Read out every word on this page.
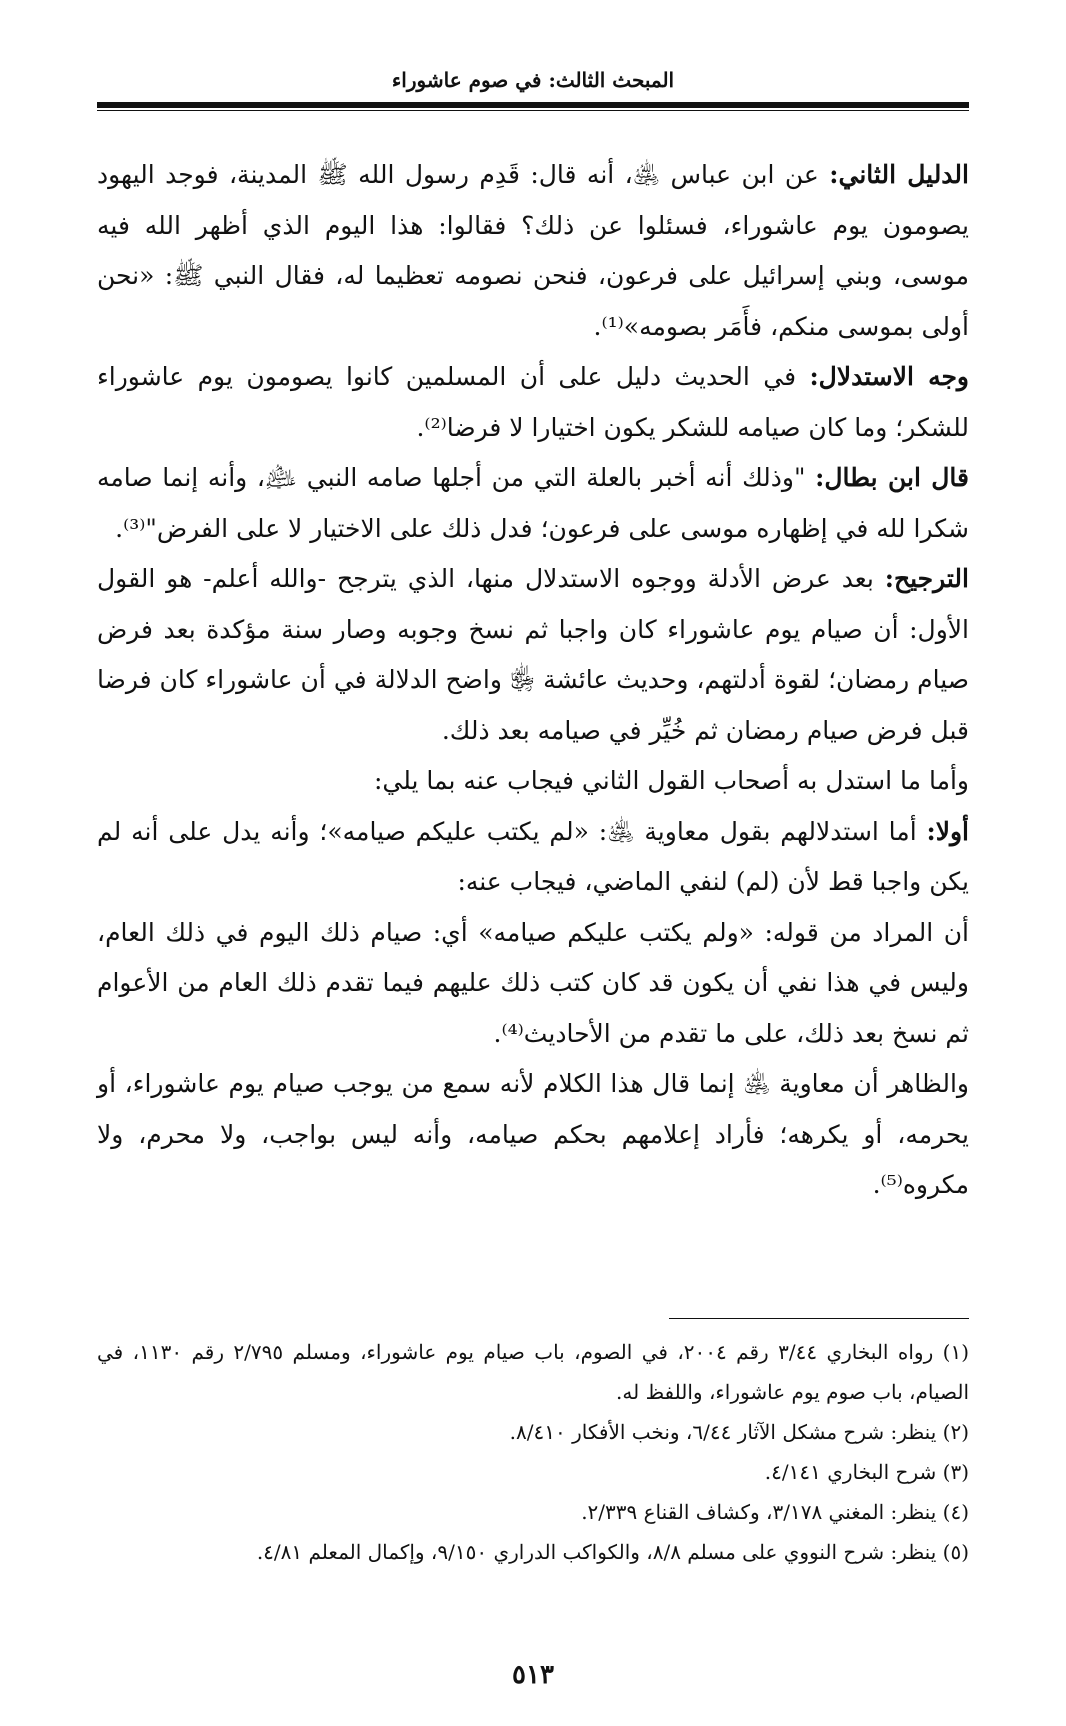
المبحث الثالث: في صوم عاشوراء

الدليل الثاني: عن ابن عباس ﵁، أنه قال: قَدِم رسول الله ﷺ المدينة، فوجد اليهود يصومون يوم عاشوراء، فسئلوا عن ذلك؟ فقالوا: هذا اليوم الذي أظهر الله فيه موسى، وبني إسرائيل على فرعون، فنحن نصومه تعظيما له، فقال النبي ﷺ: «نحن أولى بموسى منكم، فأَمَر بصومه»⁽¹⁾.

وجه الاستدلال: في الحديث دليل على أن المسلمين كانوا يصومون يوم عاشوراء للشكر؛ وما كان صيامه للشكر يكون اختيارا لا فرضا⁽²⁾.

قال ابن بطال: "وذلك أنه أخبر بالعلة التي من أجلها صامه النبي ﵇، وأنه إنما صامه شكرا لله في إظهاره موسى على فرعون؛ فدل ذلك على الاختيار لا على الفرض"⁽³⁾.

الترجيح: بعد عرض الأدلة ووجوه الاستدلال منها، الذي يترجح -والله أعلم- هو القول الأول: أن صيام يوم عاشوراء كان واجبا ثم نسخ وجوبه وصار سنة مؤكدة بعد فرض صيام رمضان؛ لقوة أدلتهم، وحديث عائشة ﵂ واضح الدلالة في أن عاشوراء كان فرضا قبل فرض صيام رمضان ثم خُيِّر في صيامه بعد ذلك.

وأما ما استدل به أصحاب القول الثاني فيجاب عنه بما يلي:

أولا: أما استدلالهم بقول معاوية ﵁: «لم يكتب عليكم صيامه»؛ وأنه يدل على أنه لم يكن واجبا قط لأن (لم) لنفي الماضي، فيجاب عنه:

أن المراد من قوله: «ولم يكتب عليكم صيامه» أي: صيام ذلك اليوم في ذلك العام، وليس في هذا نفي أن يكون قد كان كتب ذلك عليهم فيما تقدم ذلك العام من الأعوام ثم نسخ بعد ذلك، على ما تقدم من الأحاديث⁽⁴⁾.

والظاهر أن معاوية ﵁ إنما قال هذا الكلام لأنه سمع من يوجب صيام يوم عاشوراء، أو يحرمه، أو يكرهه؛ فأراد إعلامهم بحكم صيامه، وأنه ليس بواجب، ولا محرم، ولا مكروه⁽⁵⁾.

(١) رواه البخاري ٣/٤٤ رقم ٢٠٠٤، في الصوم، باب صيام يوم عاشوراء، ومسلم ٢/٧٩٥ رقم ١١٣٠، في الصيام، باب صوم يوم عاشوراء، واللفظ له.

(٢) ينظر: شرح مشكل الآثار ٦/٤٤، ونخب الأفكار ٨/٤١٠.

(٣) شرح البخاري ٤/١٤١.

(٤) ينظر: المغني ٣/١٧٨، وكشاف القناع ٢/٣٣٩.

(٥) ينظر: شرح النووي على مسلم ٨/٨، والكواكب الدراري ٩/١٥٠، وإكمال المعلم ٤/٨١.

٥١٣
